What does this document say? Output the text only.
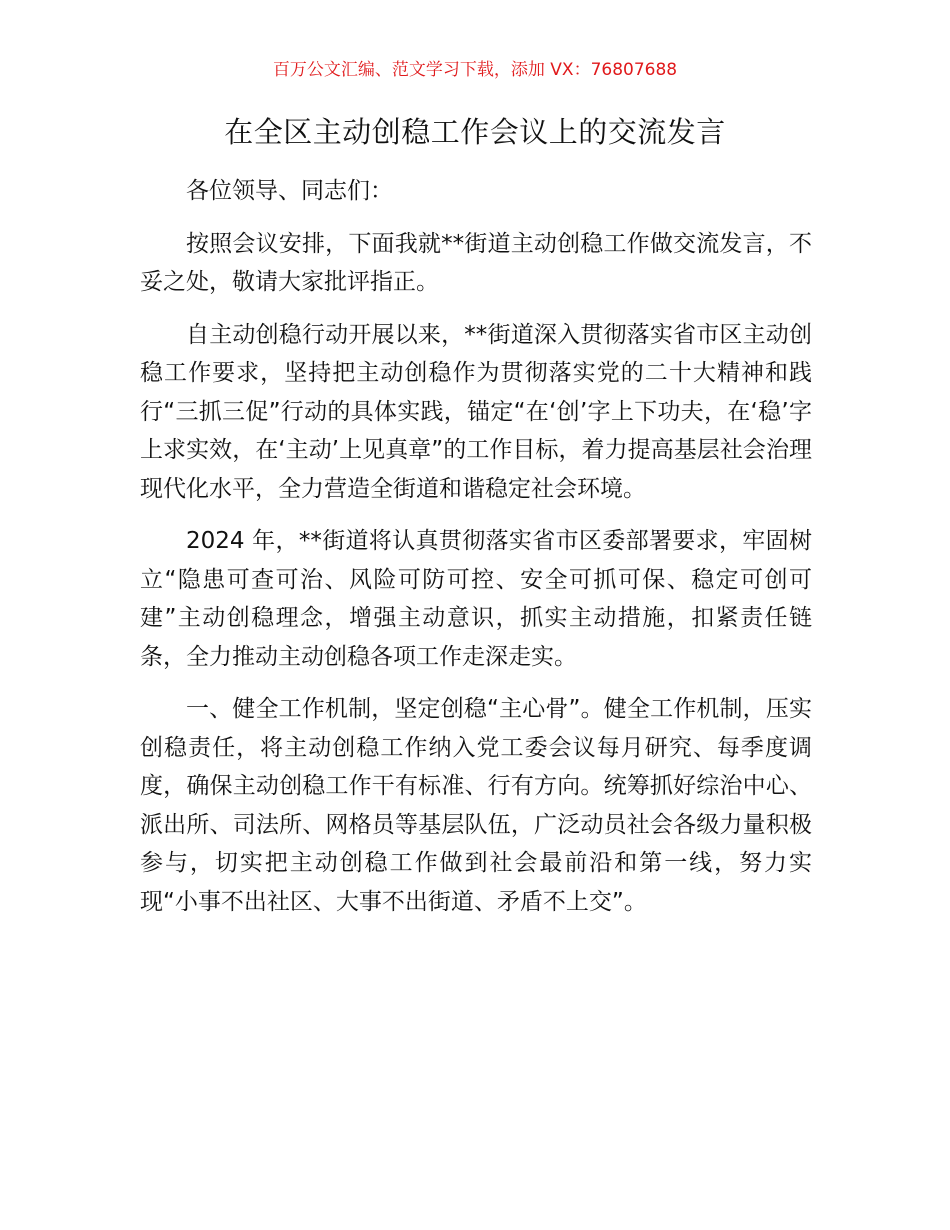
百万公文汇编、范文学习下载，添加 VX：76807688
在全区主动创稳工作会议上的交流发言

各位领导、同志们：

按照会议安排，下面我就**街道主动创稳工作做交流发言，不妥之处，敬请大家批评指正。

自主动创稳行动开展以来，**街道深入贯彻落实省市区主动创稳工作要求，坚持把主动创稳作为贯彻落实党的二十大精神和践行“三抓三促”行动的具体实践，锚定“在‘创’字上下功夫，在‘稳’字上求实效，在‘主动’上见真章”的工作目标，着力提高基层社会治理现代化水平，全力营造全街道和谐稳定社会环境。

2024 年，**街道将认真贯彻落实省市区委部署要求，牢固树立“隐患可查可治、风险可防可控、安全可抓可保、稳定可创可建”主动创稳理念，增强主动意识，抓实主动措施，扣紧责任链条，全力推动主动创稳各项工作走深走实。

一、健全工作机制，坚定创稳“主心骨”。健全工作机制，压实创稳责任，将主动创稳工作纳入党工委会议每月研究、每季度调度，确保主动创稳工作干有标准、行有方向。统筹抓好综治中心、派出所、司法所、网格员等基层队伍，广泛动员社会各级力量积极参与，切实把主动创稳工作做到社会最前沿和第一线，努力实现“小事不出社区、大事不出街道、矛盾不上交”。
